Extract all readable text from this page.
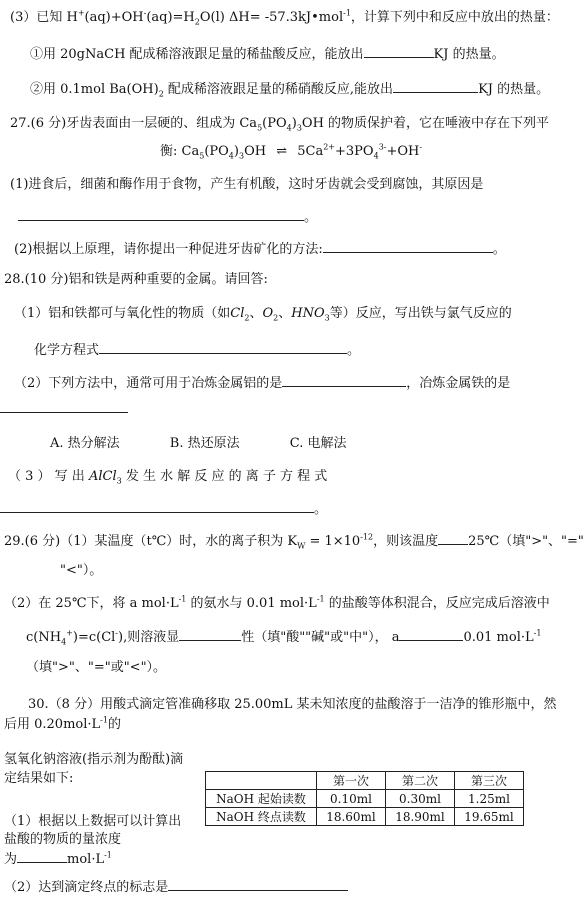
(3）已知 $H^+(aq)+OH^-(aq)=H_2O(l)$ ΔH= -57.3kJ•mol$^{-1}$，计算下列中和反应中放出的热量：
①用 20gNaCH 配成稀溶液跟足量的稀盐酸反应，能放出	KJ 的热量。
②用 0.1mol $Ba(OH)_2$ 配成稀溶液跟足量的稀硝酸反应,能放出	KJ 的热量。
27.(6 分)牙齿表面由一层硬的、组成为 $Ca_5(PO_4)_3OH$ 的物质保护着，它在唾液中存在下列平
衡: $Ca_5(PO_4)_3OH$ ⇌ $5Ca^{2+}+3PO_4^{3-}+OH^-$
(1)进食后，细菌和酶作用于食物，产生有机酸，这时牙齿就会受到腐蚀，其原因是
。
(2)根据以上原理，请你提出一种促进牙齿矿化的方法:	。
28.(10 分)铝和铁是两种重要的金属。请回答:
（1）铝和铁都可与氧化性的物质（如$Cl_2$、$O_2$、$HNO_3$等）反应，写出铁与氯气反应的
化学方程式	。
（2）下列方法中，通常可用于冶炼金属铝的是	，冶炼金属铁的是
A. 热分解法	B. 热还原法	C. 电解法
（ 3 ） 写 出 AlCl$_3$ 发 生 水 解 反 应 的 离 子 方 程 式
。
29.(6 分)（1）某温度（t℃）时，水的离子积为 $K_W = 1\times 10^{-12}$，则该温度 25℃（填">"、"="
"<"）。
（2）在 25℃下，将 a $mol\cdot L^{-1}$ 的氨水与 0.01 $mol\cdot L^{-1}$ 的盐酸等体积混合，反应完成后溶液中
$c(NH_4^+)=c(Cl^-)$,则溶液显	性（填"酸""碱"或"中"）， a	0.01 $mol\cdot L^{-1}$
（填">"、"="或"<"）。
30.（8 分）用酸式滴定管准确移取 25.00mL 某未知浓度的盐酸溶于一洁净的锥形瓶中，然
后用 $0.20mol\cdot L^{-1}$的
氢氧化钠溶液(指示剂为酚酞)滴
定结果如下:
		第一次	第二次	第三次
NaOH 起始读数	0.10ml	0.30ml	1.25ml
NaOH 终点读数	18.60ml	18.90ml	19.65ml
（1）根据以上数据可以计算出
盐酸的物质的量浓度
为	$mol\cdot L^{-1}$
（2）达到滴定终点的标志是
